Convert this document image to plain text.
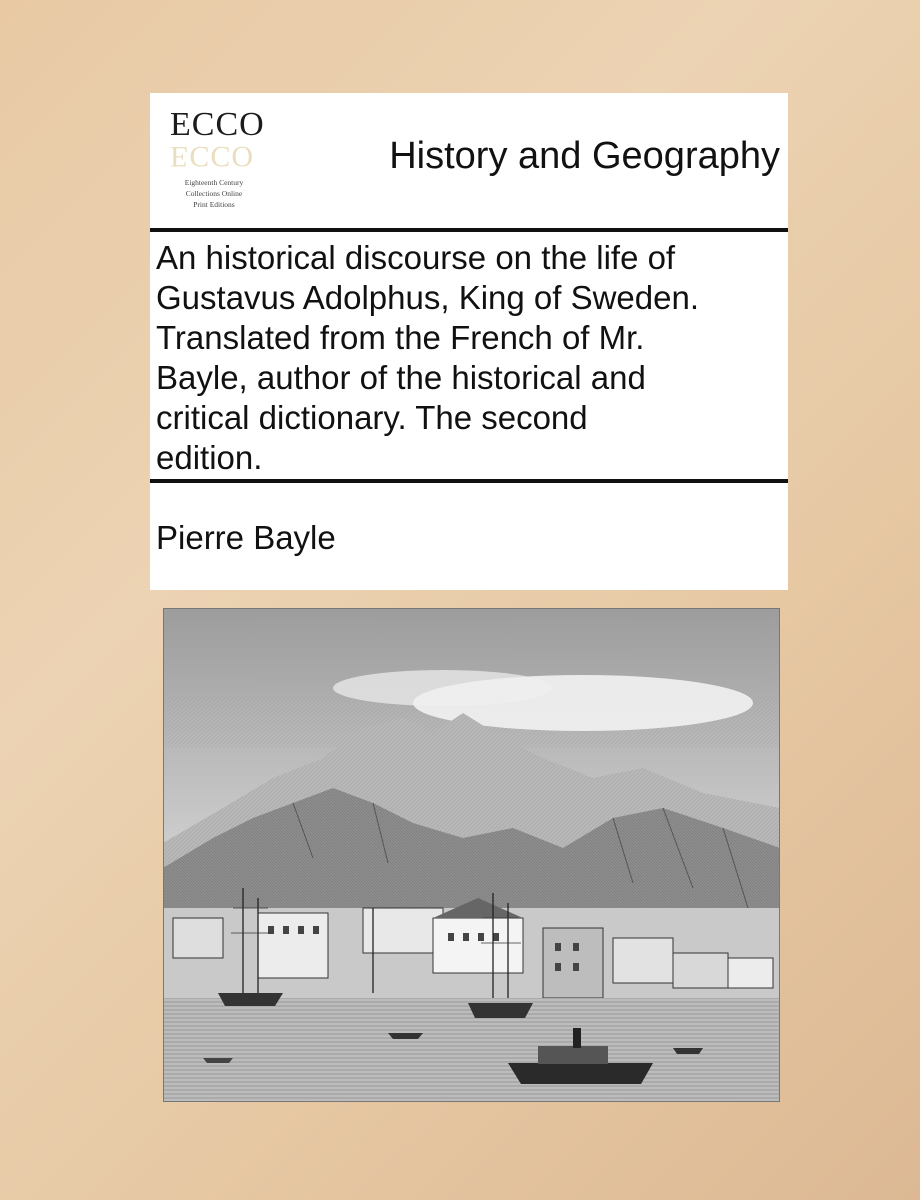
ECCO
ECCO
Eighteenth Century
Collections Online
Print Editions
History and Geography
An historical discourse on the life of
Gustavus Adolphus, King of Sweden.
Translated from the French of Mr.
Bayle, author of the historical and
critical dictionary. The second
edition.
Pierre Bayle
